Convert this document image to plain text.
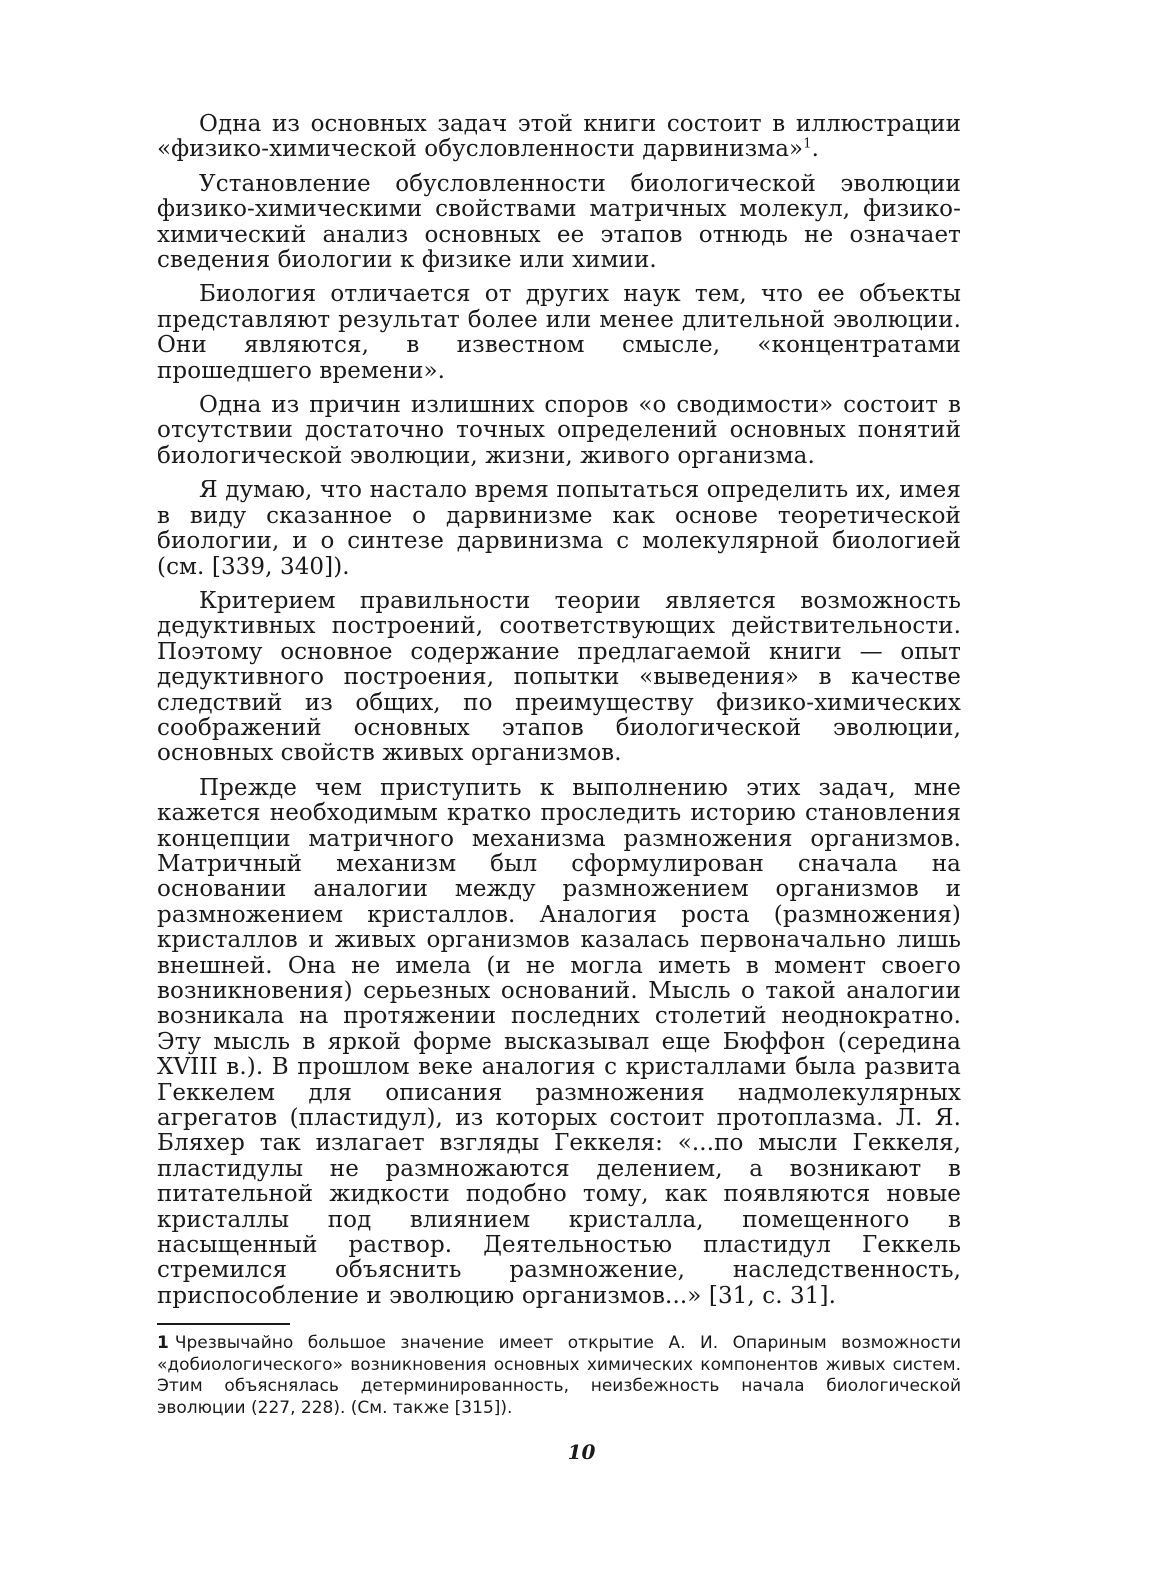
Одна из основных задач этой книги состоит в иллюстрации «физико-химической обусловленности дарвинизма»$^1$.

Установление обусловленности биологической эволюции физико-химическими свойствами матричных молекул, физико-химический анализ основных ее этапов отнюдь не означает сведения биологии к физике или химии.

Биология отличается от других наук тем, что ее объекты представляют результат более или менее длительной эволюции. Они являются, в известном смысле, «концентратами прошедшего времени».

Одна из причин излишних споров «о сводимости» состоит в отсутствии достаточно точных определений основных понятий биологической эволюции, жизни, живого организма.

Я думаю, что настало время попытаться определить их, имея в виду сказанное о дарвинизме как основе теоретической биологии, и о синтезе дарвинизма с молекулярной биологией (см. [339, 340]).

Критерием правильности теории является возможность дедуктивных построений, соответствующих действительности. Поэтому основное содержание предлагаемой книги — опыт дедуктивного построения, попытки «выведения» в качестве следствий из общих, по преимуществу физико-химических соображений основных этапов биологической эволюции, основных свойств живых организмов.

Прежде чем приступить к выполнению этих задач, мне кажется необходимым кратко проследить историю становления концепции матричного механизма размножения организмов. Матричный механизм был сформулирован сначала на основании аналогии между размножением организмов и размножением кристаллов. Аналогия роста (размножения) кристаллов и живых организмов казалась первоначально лишь внешней. Она не имела (и не могла иметь в момент своего возникновения) серьезных оснований. Мысль о такой аналогии возникала на протяжении последних столетий неоднократно. Эту мысль в яркой форме высказывал еще Бюффон (середина XVIII в.). В прошлом веке аналогия с кристаллами была развита Геккелем для описания размножения надмолекулярных агрегатов (пластидул), из которых состоит протоплазма. Л. Я. Бляхер так излагает взгляды Геккеля: «...по мысли Геккеля, пластидулы не размножаются делением, а возникают в питательной жидкости подобно тому, как появляются новые кристаллы под влиянием кристалла, помещенного в насыщенный раствор. Деятельностью пластидул Геккель стремился объяснить размножение, наследственность, приспособление и эволюцию организмов...» [31, с. 31].

1 Чрезвычайно большое значение имеет открытие А. И. Опариным возможности «добиологического» возникновения основных химических компонентов живых систем. Этим объяснялась детерминированность, неизбежность начала биологической эволюции (227, 228). (См. также [315]).

10
